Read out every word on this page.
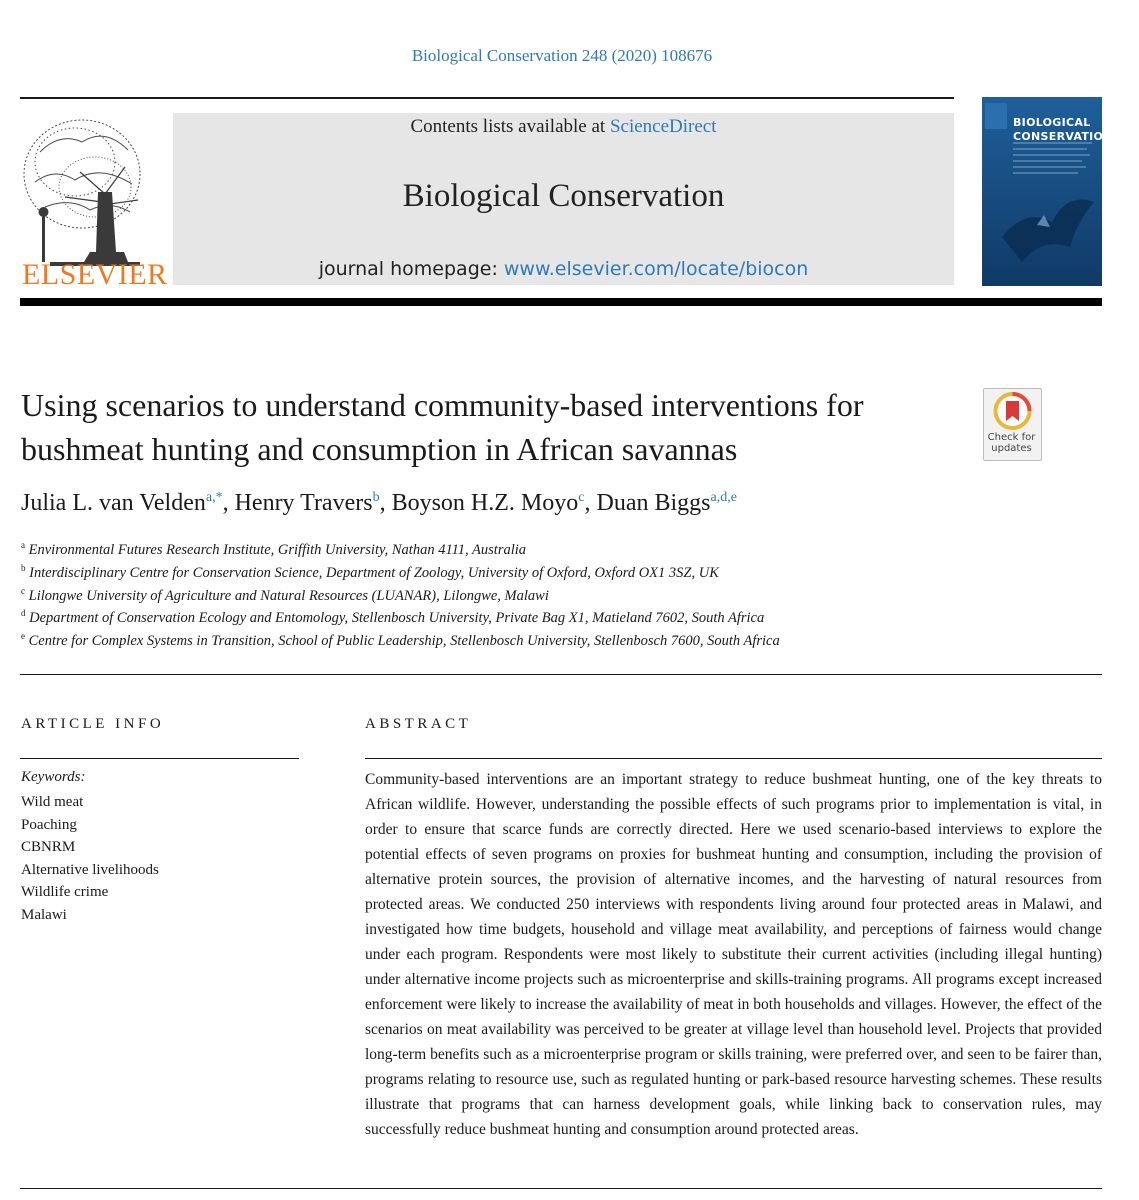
Biological Conservation 248 (2020) 108676
ELSEVIER
Contents lists available at ScienceDirect
Biological Conservation
journal homepage: www.elsevier.com/locate/biocon
BIOLOGICAL
CONSERVATION
Using scenarios to understand community-based interventions for bushmeat hunting and consumption in African savannas	Check for
updates
Julia L. van Velden$^{a,*}$, Henry Travers$^b$, Boyson H.Z. Moyo$^c$, Duan Biggs$^{a,d,e}$
$^a$ Environmental Futures Research Institute, Griffith University, Nathan 4111, Australia
$^b$ Interdisciplinary Centre for Conservation Science, Department of Zoology, University of Oxford, Oxford OX1 3SZ, UK
$^c$ Lilongwe University of Agriculture and Natural Resources (LUANAR), Lilongwe, Malawi
$^d$ Department of Conservation Ecology and Entomology, Stellenbosch University, Private Bag X1, Matieland 7602, South Africa
$^e$ Centre for Complex Systems in Transition, School of Public Leadership, Stellenbosch University, Stellenbosch 7600, South Africa
ARTICLE INFO
Keywords:
Wild meat
Poaching
CBNRM
Alternative livelihoods
Wildlife crime
Malawi
ABSTRACT
Community-based interventions are an important strategy to reduce bushmeat hunting, one of the key threats to African wildlife. However, understanding the possible effects of such programs prior to implementation is vital, in order to ensure that scarce funds are correctly directed. Here we used scenario-based interviews to explore the potential effects of seven programs on proxies for bushmeat hunting and consumption, including the provision of alternative protein sources, the provision of alternative incomes, and the harvesting of natural resources from protected areas. We conducted 250 interviews with respondents living around four protected areas in Malawi, and investigated how time budgets, household and village meat availability, and perceptions of fairness would change under each program. Respondents were most likely to substitute their current activities (including illegal hunting) under alternative income projects such as microenterprise and skills-training programs. All programs except increased enforcement were likely to increase the availability of meat in both households and villages. However, the effect of the scenarios on meat availability was perceived to be greater at village level than household level. Projects that provided long-term benefits such as a microenterprise program or skills training, were preferred over, and seen to be fairer than, programs relating to resource use, such as regulated hunting or park-based resource harvesting schemes. These results illustrate that programs that can harness development goals, while linking back to conservation rules, may successfully reduce bushmeat hunting and consumption around protected areas.
